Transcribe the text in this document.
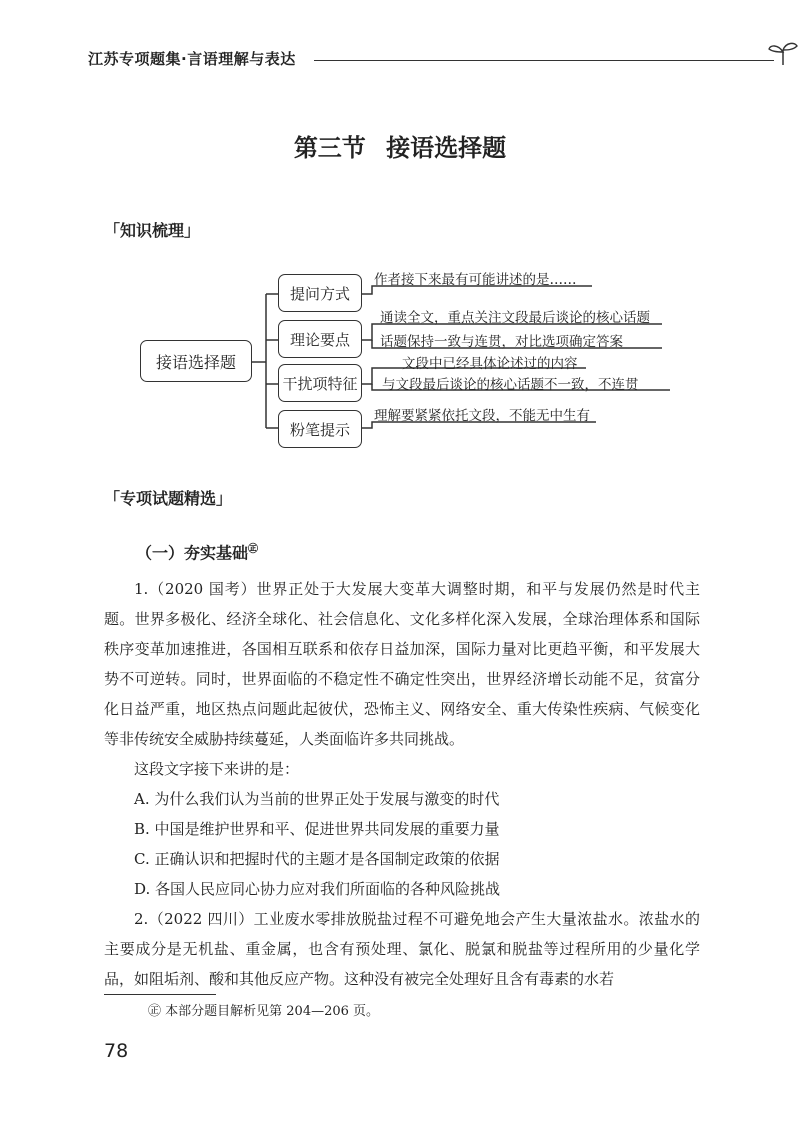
江苏专项题集·言语理解与表达
第三节 接语选择题
「知识梳理」
接语选择题
提问方式
理论要点
干扰项特征
粉笔提示
作者接下来最有可能讲述的是……
通读全文，重点关注文段最后谈论的核心话题
话题保持一致与连贯，对比选项确定答案
文段中已经具体论述过的内容
与文段最后谈论的核心话题不一致，不连贯
理解要紧紧依托文段，不能无中生有
「专项试题精选」
（一）夯实基础㊣

1.（2020 国考）世界正处于大发展大变革大调整时期，和平与发展仍然是时代主题。世界多极化、经济全球化、社会信息化、文化多样化深入发展，全球治理体系和国际秩序变革加速推进，各国相互联系和依存日益加深，国际力量对比更趋平衡，和平发展大势不可逆转。同时，世界面临的不稳定性不确定性突出，世界经济增长动能不足，贫富分化日益严重，地区热点问题此起彼伏，恐怖主义、网络安全、重大传染性疾病、气候变化等非传统安全威胁持续蔓延，人类面临许多共同挑战。

这段文字接下来讲的是：

A. 为什么我们认为当前的世界正处于发展与激变的时代

B. 中国是维护世界和平、促进世界共同发展的重要力量

C. 正确认识和把握时代的主题才是各国制定政策的依据

D. 各国人民应同心协力应对我们所面临的各种风险挑战

2.（2022 四川）工业废水零排放脱盐过程不可避免地会产生大量浓盐水。浓盐水的主要成分是无机盐、重金属，也含有预处理、氯化、脱氯和脱盐等过程所用的少量化学品，如阻垢剂、酸和其他反应产物。这种没有被完全处理好且含有毒素的水若

㊣ 本部分题目解析见第 204—206 页。
78
